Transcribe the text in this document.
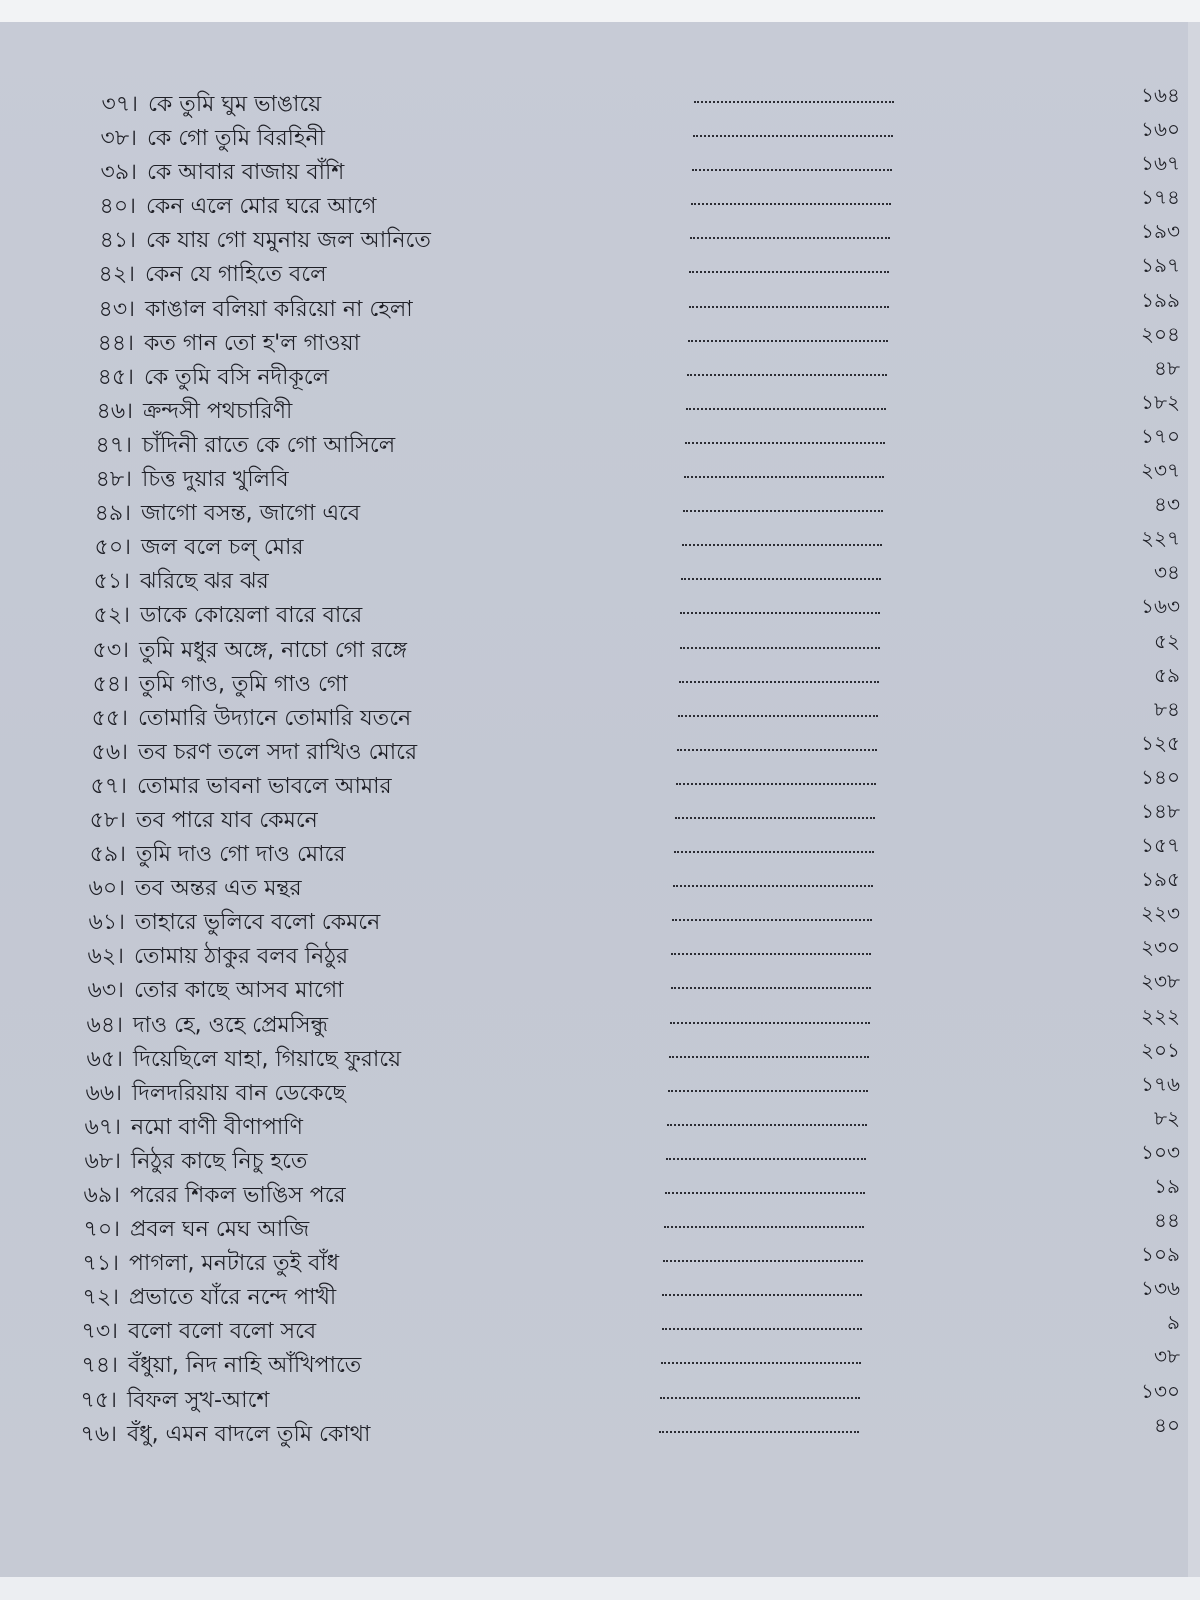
৩৭। কে তুমি ঘুম ভাঙায়ে	১৬৪
৩৮। কে গো তুমি বিরহিনী	১৬০
৩৯। কে আবার বাজায় বাঁশি	১৬৭
৪০। কেন এলে মোর ঘরে আগে	১৭৪
৪১। কে যায় গো যমুনায় জল আনিতে	১৯৩
৪২। কেন যে গাহিতে বলে	১৯৭
৪৩। কাঙাল বলিয়া করিয়ো না হেলা	১৯৯
৪৪। কত গান তো হ'ল গাওয়া	২০৪
৪৫। কে তুমি বসি নদীকূলে	৪৮
৪৬। ক্রন্দসী পথচারিণী	১৮২
৪৭। চাঁদিনী রাতে কে গো আসিলে	১৭০
৪৮। চিত্ত দুয়ার খুলিবি	২৩৭
৪৯। জাগো বসন্ত, জাগো এবে	৪৩
৫০। জল বলে চল্‌ মোর	২২৭
৫১। ঝরিছে ঝর ঝর	৩৪
৫২। ডাকে কোয়েলা বারে বারে	১৬৩
৫৩। তুমি মধুর অঙ্গে, নাচো গো রঙ্গে	৫২
৫৪। তুমি গাও, তুমি গাও গো	৫৯
৫৫। তোমারি উদ্যানে তোমারি যতনে	৮৪
৫৬। তব চরণ তলে সদা রাখিও মোরে	১২৫
৫৭। তোমার ভাবনা ভাবলে আমার	১৪০
৫৮। তব পারে যাব কেমনে	১৪৮
৫৯। তুমি দাও গো দাও মোরে	১৫৭
৬০। তব অন্তর এত মন্থর	১৯৫
৬১। তাহারে ভুলিবে বলো কেমনে	২২৩
৬২। তোমায় ঠাকুর বলব নিঠুর	২৩০
৬৩। তোর কাছে আসব মাগো	২৩৮
৬৪। দাও হে, ওহে প্রেমসিন্ধু	২২২
৬৫। দিয়েছিলে যাহা, গিয়াছে ফুরায়ে	২০১
৬৬। দিলদরিয়ায় বান ডেকেছে	১৭৬
৬৭। নমো বাণী বীণাপাণি	৮২
৬৮। নিঠুর কাছে নিচু হতে	১০৩
৬৯। পরের শিকল ভাঙিস পরে	১৯
৭০। প্রবল ঘন মেঘ আজি	৪৪
৭১। পাগলা, মনটারে তুই বাঁধ	১০৯
৭২। প্রভাতে যাঁরে নন্দে পাখী	১৩৬
৭৩। বলো বলো বলো সবে	৯
৭৪। বঁধুয়া, নিদ নাহি আঁখিপাতে	৩৮
৭৫। বিফল সুখ-আশে	১৩০
৭৬। বঁধু, এমন বাদলে তুমি কোথা	৪০
